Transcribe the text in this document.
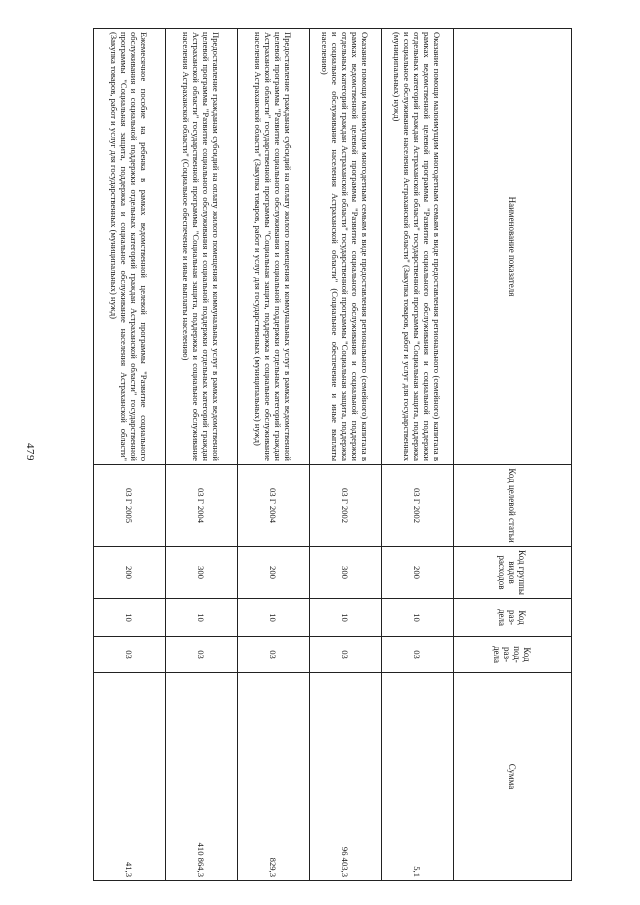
479
Наименование показателя	Код целевой статьи	Код группы видов расходов	Код раз-дела	Код под-раз-дела	Сумма
Оказание помощи малоимущим многодетным семьям в виде предоставления регионального (семейного) капитала в рамках ведомственной целевой программы "Развитие социального обслуживания и социальной поддержки отдельных категорий граждан Астраханской области" государственной программы "Социальная защита, поддержка и социальное обслуживание населения Астраханской области" (Закупка товаров, работ и услуг для государственных (муниципальных) нужд)	03 Г 2002	200	10	03	5,1
Оказание помощи малоимущим многодетным семьям в виде предоставления регионального (семейного) капитала в рамках ведомственной целевой программы "Развитие социального обслуживания и социальной поддержки отдельных категорий граждан Астраханской области" государственной программы "Социальная защита, поддержка и социальное обслуживание населения Астраханской области" (Социальное обеспечение и иные выплаты населению)	03 Г 2002	300	10	03	96 403,3
Предоставление гражданам субсидий на оплату жилого помещения и коммунальных услуг в рамках ведомственной целевой программы "Развитие социального обслуживания и социальной поддержки отдельных категорий граждан Астраханской области" государственной программы "Социальная защита, поддержка и социальное обслуживание населения Астраханской области" (Закупка товаров, работ и услуг для государственных (муниципальных) нужд)	03 Г 2004	200	10	03	829,3
Предоставление гражданам субсидий на оплату жилого помещения и коммунальных услуг в рамках ведомственной целевой программы "Развитие социального обслуживания и социальной поддержки отдельных категорий граждан Астраханской области" государственной программы "Социальная защита, поддержка и социальное обслуживание населения Астраханской области" (Социальное обеспечение и иные выплаты населению)	03 Г 2004	300	10	03	410 864,3
Ежемесячное пособие на ребенка в рамках ведомственной целевой программы "Развитие социального обслуживания и социальной поддержки отдельных категорий граждан Астраханской области" государственной программы "Социальная защита, поддержка и социальное обслуживание населения Астраханской области" (Закупка товаров, работ и услуг для государственных (муниципальных) нужд)	03 Г 2005	200	10	03	41,3
